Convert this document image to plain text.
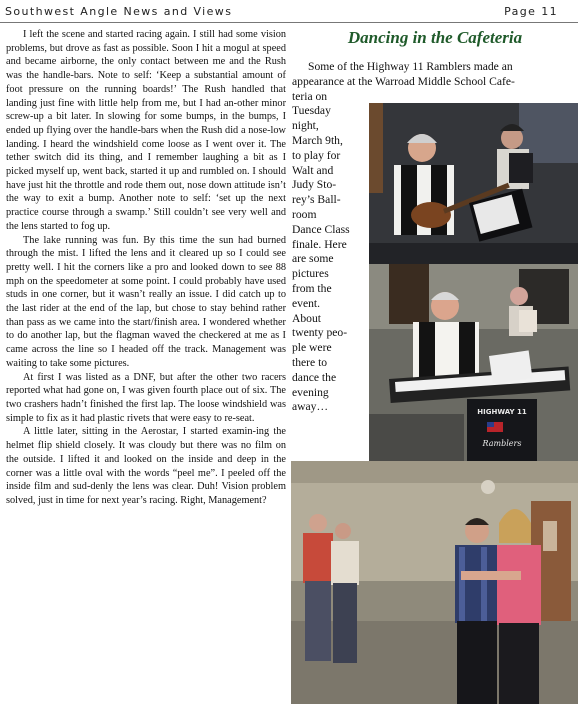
Southwest Angle News and Views	Page 11

I left the scene and started racing again. I still had some vision problems, but drove as fast as possible. Soon I hit a mogul at speed and became airborne, the only contact between me and the Rush was the handle-bars. Note to self: ‘Keep a substantial amount of foot pressure on the running boards!’ The Rush handled that landing just fine with little help from me, but I had an-other minor screw-up a bit later. In slowing for some bumps, in the bumps, I ended up flying over the handle-bars when the Rush did a nose-low landing. I heard the windshield come loose as I went over it. The tether switch did its thing, and I remember laughing a bit as I picked myself up, went back, started it up and rumbled on. I should have just hit the throttle and rode them out, nose down attitude isn’t the way to exit a bump. Another note to self: ‘set up the next practice course through a swamp.’ Still couldn’t see very well and the lens started to fog up.

The lake running was fun. By this time the sun had burned through the mist. I lifted the lens and it cleared up so I could see pretty well. I hit the corners like a pro and looked down to see 88 mph on the speedometer at some point. I could probably have used studs in one corner, but it wasn’t really an issue. I did catch up to the last rider at the end of the lap, but chose to stay behind rather than pass as we came into the start/finish area. I wondered whether to do another lap, but the flagman waved the checkered at me as I came across the line so I headed off the track. Management was waiting to take some pictures.

At first I was listed as a DNF, but after the other two racers reported what had gone on, I was given fourth place out of six. The two crashers hadn’t finished the first lap. The loose windshield was simple to fix as it had plastic rivets that were easy to re-seat.

A little later, sitting in the Aerostar, I started examin-ing the helmet flip shield closely. It was cloudy but there was no film on the outside. I lifted it and looked on the inside and deep in the corner was a little oval with the words “peel me”. I peeled off the inside film and sud-denly the lens was clear. Duh! Vision problem solved, just in time for next year’s racing. Right, Management?

Dancing in the Cafeteria
Some of the Highway 11 Ramblers made an
appearance at the Warroad Middle School Cafe-
teria on
Tuesday
night,
March 9th,
to play for
Walt and
Judy Sto-
rey’s Ball-
room
Dance Class
finale. Here
are some
pictures
from the
event.
About
twenty peo-
ple were
there to
dance the
evening
away…	HIGHWAY 11
Ramblers
